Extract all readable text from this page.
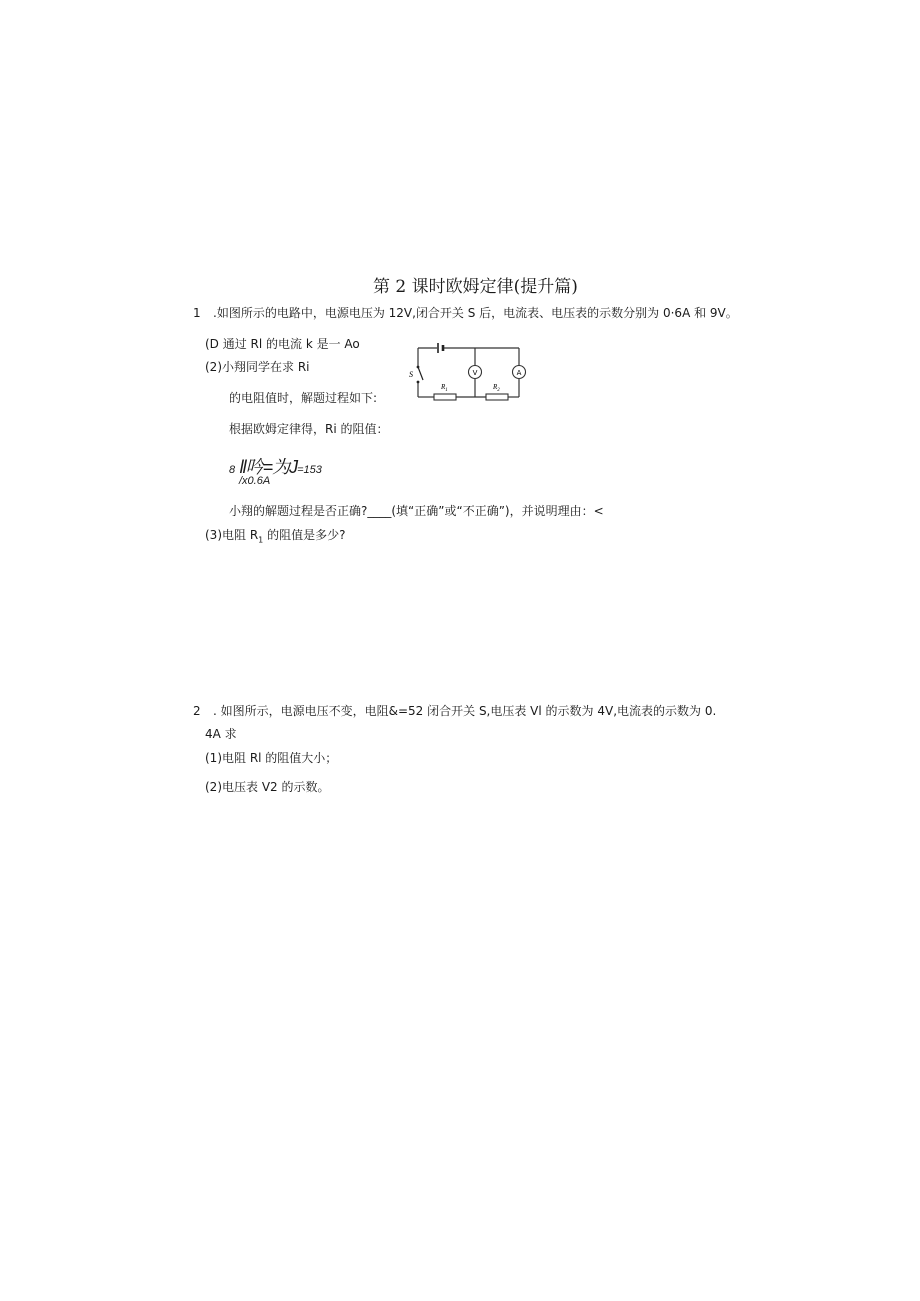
第 2 课时欧姆定律(提升篇)
1 .如图所示的电路中，电源电压为 12V,闭合开关 S 后，电流表、电压表的示数分别为 0·6A 和 9V。
(D 通过 Rl 的电流 k 是一 Ao
(2)小翔同学在求 Ri
的电阻值时，解题过程如下:
根据欧姆定律得，Ri 的阻值：
8 ll吟=为J=153
/x0.6A
小翔的解题过程是否正确?____(填“正确”或“不正确”)，并说明理由：<
(3)电阻 $R_1$ 的阻值是多少?
S	V	A
$R_1$	$R_2$
2 . 如图所示，电源电压不变，电阻&=52 闭合开关 S,电压表 Vl 的示数为 4V,电流表的示数为 0.
4A 求
(1)电阻 Rl 的阻值大小；
(2)电压表 V2 的示数。
